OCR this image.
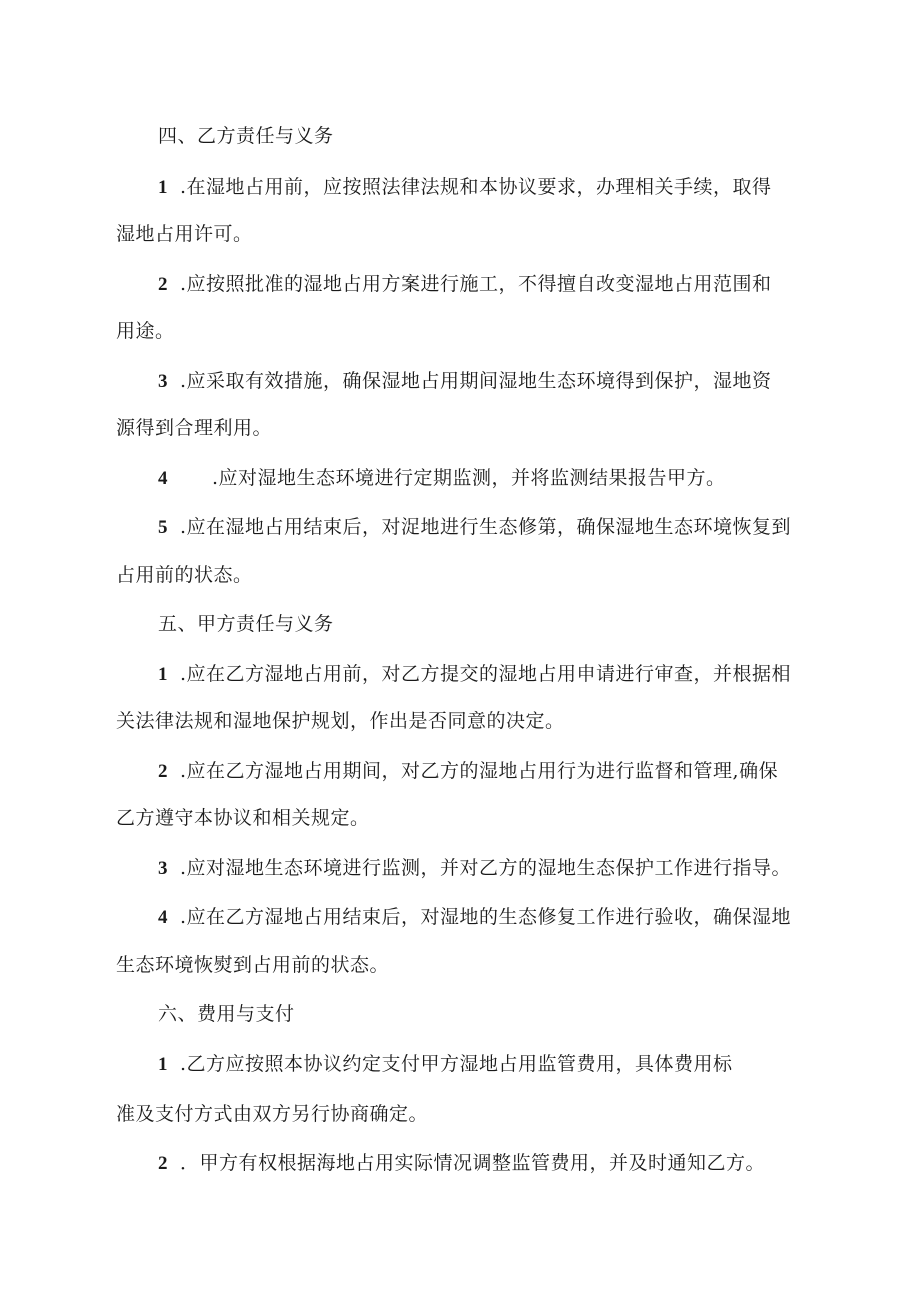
四、乙方责任与义务
1 .在湿地占用前，应按照法律法规和本协议要求，办理相关手续，取得
湿地占用许可。
2 .应按照批准的湿地占用方案进行施工，不得擅自改变湿地占用范围和
用途。
3 .应采取有效措施，确保湿地占用期间湿地生态环境得到保护，湿地资
源得到合理利用。
4 .应对湿地生态环境进行定期监测，并将监测结果报告甲方。
5 .应在湿地占用结束后，对浞地进行生态修第，确保湿地生态环境恢复到
占用前的状态。
五、甲方责任与义务
1 .应在乙方湿地占用前，对乙方提交的湿地占用申请进行审查，并根据相
关法律法规和湿地保护规划，作出是否同意的决定。
2 .应在乙方湿地占用期间，对乙方的湿地占用行为进行监督和管理,确保
乙方遵守本协议和相关规定。
3 .应对湿地生态环境进行监测，并对乙方的湿地生态保护工作进行指导。
4 .应在乙方湿地占用结束后，对湿地的生态修复工作进行验收，确保湿地
生态环境恢熨到占用前的状态。
六、费用与支付
1 .乙方应按照本协议约定支付甲方湿地占用监管费用，具体费用标
准及支付方式由双方另行协商确定。
2 ．甲方有权根据海地占用实际情况调整监管费用，并及时通知乙方。
